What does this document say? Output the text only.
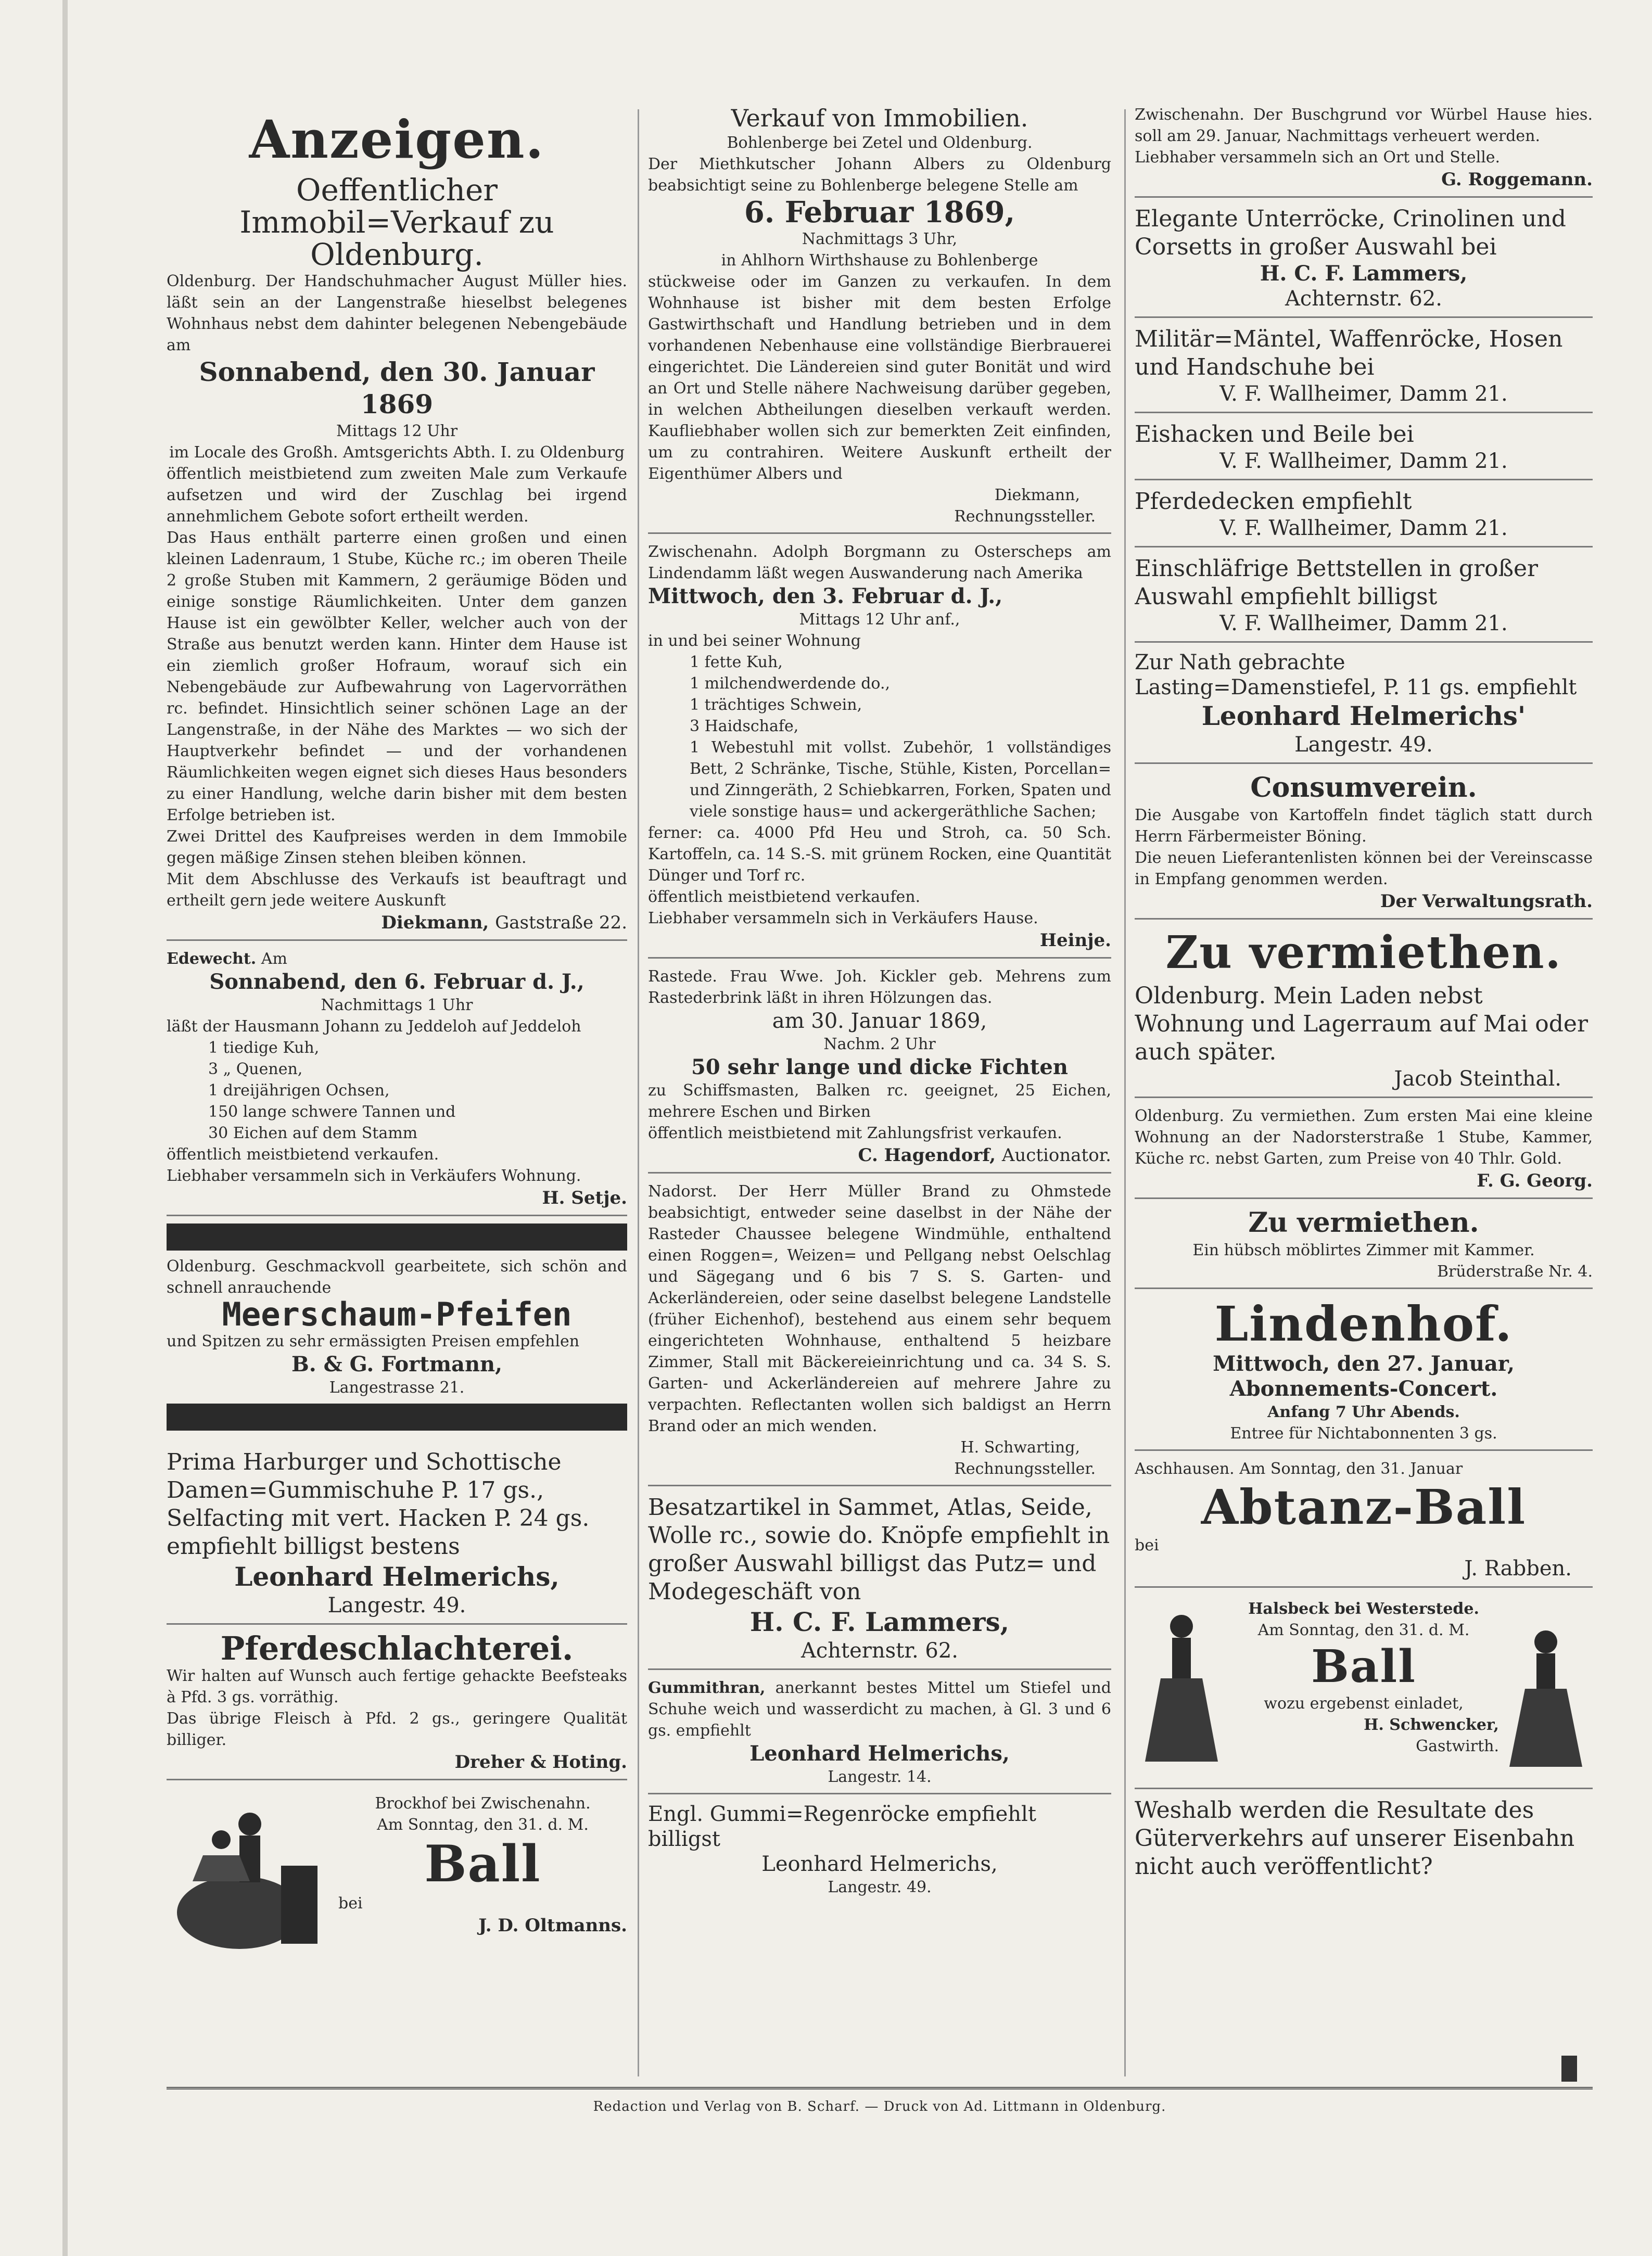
Anzeigen.

Oeffentlicher Immobil=Verkauf zu Oldenburg.

Oldenburg. Der Handschuhmacher August Müller hies. läßt sein an der Langenstraße hieselbst belegenes Wohnhaus nebst dem dahinter belegenen Nebengebäude am

Sonnabend, den 30. Januar 1869

Mittags 12 Uhr

im Locale des Großh. Amtsgerichts Abth. I. zu Oldenburg

öffentlich meistbietend zum zweiten Male zum Verkaufe aufsetzen und wird der Zuschlag bei irgend annehmlichem Gebote sofort ertheilt werden.

Das Haus enthält parterre einen großen und einen kleinen Ladenraum, 1 Stube, Küche rc.; im oberen Theile 2 große Stuben mit Kammern, 2 geräumige Böden und einige sonstige Räumlichkeiten. Unter dem ganzen Hause ist ein gewölbter Keller, welcher auch von der Straße aus benutzt werden kann. Hinter dem Hause ist ein ziemlich großer Hofraum, worauf sich ein Nebengebäude zur Aufbewahrung von Lagervorräthen rc. befindet. Hinsichtlich seiner schönen Lage an der Langenstraße, in der Nähe des Marktes — wo sich der Hauptverkehr befindet — und der vorhandenen Räumlichkeiten wegen eignet sich dieses Haus besonders zu einer Handlung, welche darin bisher mit dem besten Erfolge betrieben ist.

Zwei Drittel des Kaufpreises werden in dem Immobile gegen mäßige Zinsen stehen bleiben können.

Mit dem Abschlusse des Verkaufs ist beauftragt und ertheilt gern jede weitere Auskunft

Diekmann, Gaststraße 22.

Edewecht. Am

Sonnabend, den 6. Februar d. J.,

Nachmittags 1 Uhr

läßt der Hausmann Johann zu Jeddeloh auf Jeddeloh

1 tiedige Kuh,

3 „ Quenen,

1 dreijährigen Ochsen,

150 lange schwere Tannen und

30 Eichen auf dem Stamm

öffentlich meistbietend verkaufen.

Liebhaber versammeln sich in Verkäufers Wohnung.

H. Setje.

Oldenburg. Geschmackvoll gearbeitete, sich schön and schnell anrauchende

Meerschaum-Pfeifen

und Spitzen zu sehr ermässigten Preisen empfehlen

B. & G. Fortmann,

Langestrasse 21.

Prima Harburger und Schottische Damen=Gummischuhe P. 17 gs., Selfacting mit vert. Hacken P. 24 gs. empfiehlt billigst bestens

Leonhard Helmerichs,

Langestr. 49.

Pferdeschlachterei.

Wir halten auf Wunsch auch fertige gehackte Beefsteaks à Pfd. 3 gs. vorräthig.

Das übrige Fleisch à Pfd. 2 gs., geringere Qualität billiger.

Dreher & Hoting.

Brockhof bei Zwischenahn.

Am Sonntag, den 31. d. M.

Ball

bei

J. D. Oltmanns.

Verkauf von Immobilien.

Bohlenberge bei Zetel und Oldenburg.

Der Miethkutscher Johann Albers zu Oldenburg beabsichtigt seine zu Bohlenberge belegene Stelle am

6. Februar 1869,

Nachmittags 3 Uhr,

in Ahlhorn Wirthshause zu Bohlenberge

stückweise oder im Ganzen zu verkaufen. In dem Wohnhause ist bisher mit dem besten Erfolge Gastwirthschaft und Handlung betrieben und in dem vorhandenen Nebenhause eine vollständige Bierbrauerei eingerichtet. Die Ländereien sind guter Bonität und wird an Ort und Stelle nähere Nachweisung darüber gegeben, in welchen Abtheilungen dieselben verkauft werden. Kaufliebhaber wollen sich zur bemerkten Zeit einfinden, um zu contrahiren. Weitere Auskunft ertheilt der Eigenthümer Albers und

Diekmann,

Rechnungssteller.

Zwischenahn. Adolph Borgmann zu Osterscheps am Lindendamm läßt wegen Auswanderung nach Amerika

Mittwoch, den 3. Februar d. J.,

Mittags 12 Uhr anf.,

in und bei seiner Wohnung

1 fette Kuh,

1 milchendwerdende do.,

1 trächtiges Schwein,

3 Haidschafe,

1 Webestuhl mit vollst. Zubehör, 1 vollständiges Bett, 2 Schränke, Tische, Stühle, Kisten, Porcellan= und Zinngeräth, 2 Schiebkarren, Forken, Spaten und viele sonstige haus= und ackergeräthliche Sachen;

ferner: ca. 4000 Pfd Heu und Stroh, ca. 50 Sch. Kartoffeln, ca. 14 S.-S. mit grünem Rocken, eine Quantität Dünger und Torf rc.

öffentlich meistbietend verkaufen.

Liebhaber versammeln sich in Verkäufers Hause.

Heinje.

Rastede. Frau Wwe. Joh. Kickler geb. Mehrens zum Rastederbrink läßt in ihren Hölzungen das.

am 30. Januar 1869,

Nachm. 2 Uhr

50 sehr lange und dicke Fichten

zu Schiffsmasten, Balken rc. geeignet, 25 Eichen, mehrere Eschen und Birken

öffentlich meistbietend mit Zahlungsfrist verkaufen.

C. Hagendorf, Auctionator.

Nadorst. Der Herr Müller Brand zu Ohmstede beabsichtigt, entweder seine daselbst in der Nähe der Rasteder Chaussee belegene Windmühle, enthaltend einen Roggen=, Weizen= und Pellgang nebst Oelschlag und Sägegang und 6 bis 7 S. S. Garten- und Ackerländereien, oder seine daselbst belegene Landstelle (früher Eichenhof), bestehend aus einem sehr bequem eingerichteten Wohnhause, enthaltend 5 heizbare Zimmer, Stall mit Bäckereieinrichtung und ca. 34 S. S. Garten- und Ackerländereien auf mehrere Jahre zu verpachten. Reflectanten wollen sich baldigst an Herrn Brand oder an mich wenden.

H. Schwarting,

Rechnungssteller.

Besatzartikel in Sammet, Atlas, Seide, Wolle rc., sowie do. Knöpfe empfiehlt in großer Auswahl billigst das Putz= und Modegeschäft von

H. C. F. Lammers,

Achternstr. 62.

Gummithran, anerkannt bestes Mittel um Stiefel und Schuhe weich und wasserdicht zu machen, à Gl. 3 und 6 gs. empfiehlt

Leonhard Helmerichs,

Langestr. 14.

Engl. Gummi=Regenröcke empfiehlt billigst

Leonhard Helmerichs,

Langestr. 49.

Zwischenahn. Der Buschgrund vor Würbel Hause hies. soll am 29. Januar, Nachmittags verheuert werden.

Liebhaber versammeln sich an Ort und Stelle.

G. Roggemann.

Elegante Unterröcke, Crinolinen und Corsetts in großer Auswahl bei

H. C. F. Lammers,

Achternstr. 62.

Militär=Mäntel, Waffenröcke, Hosen und Handschuhe bei

V. F. Wallheimer, Damm 21.

Eishacken und Beile bei

V. F. Wallheimer, Damm 21.

Pferdedecken empfiehlt

V. F. Wallheimer, Damm 21.

Einschläfrige Bettstellen in großer Auswahl empfiehlt billigst

V. F. Wallheimer, Damm 21.

Zur Nath gebrachte Lasting=Damenstiefel, P. 11 gs. empfiehlt

Leonhard Helmerichs'

Langestr. 49.

Consumverein.

Die Ausgabe von Kartoffeln findet täglich statt durch Herrn Färbermeister Böning.

Die neuen Lieferantenlisten können bei der Vereinscasse in Empfang genommen werden.

Der Verwaltungsrath.

Zu vermiethen.

Oldenburg. Mein Laden nebst Wohnung und Lagerraum auf Mai oder auch später.

Jacob Steinthal.

Oldenburg. Zu vermiethen. Zum ersten Mai eine kleine Wohnung an der Nadorsterstraße 1 Stube, Kammer, Küche rc. nebst Garten, zum Preise von 40 Thlr. Gold.

F. G. Georg.

Zu vermiethen.

Ein hübsch möblirtes Zimmer mit Kammer.

Brüderstraße Nr. 4.

Lindenhof.

Mittwoch, den 27. Januar,

Abonnements-Concert.

Anfang 7 Uhr Abends.

Entree für Nichtabonnenten 3 gs.

Aschhausen. Am Sonntag, den 31. Januar

Abtanz-Ball

bei

J. Rabben.

Halsbeck bei Westerstede.

Am Sonntag, den 31. d. M.

Ball

wozu ergebenst einladet,

H. Schwencker,

Gastwirth.

Weshalb werden die Resultate des Güterverkehrs auf unserer Eisenbahn nicht auch veröffentlicht?

Redaction und Verlag von B. Scharf. — Druck von Ad. Littmann in Oldenburg.
